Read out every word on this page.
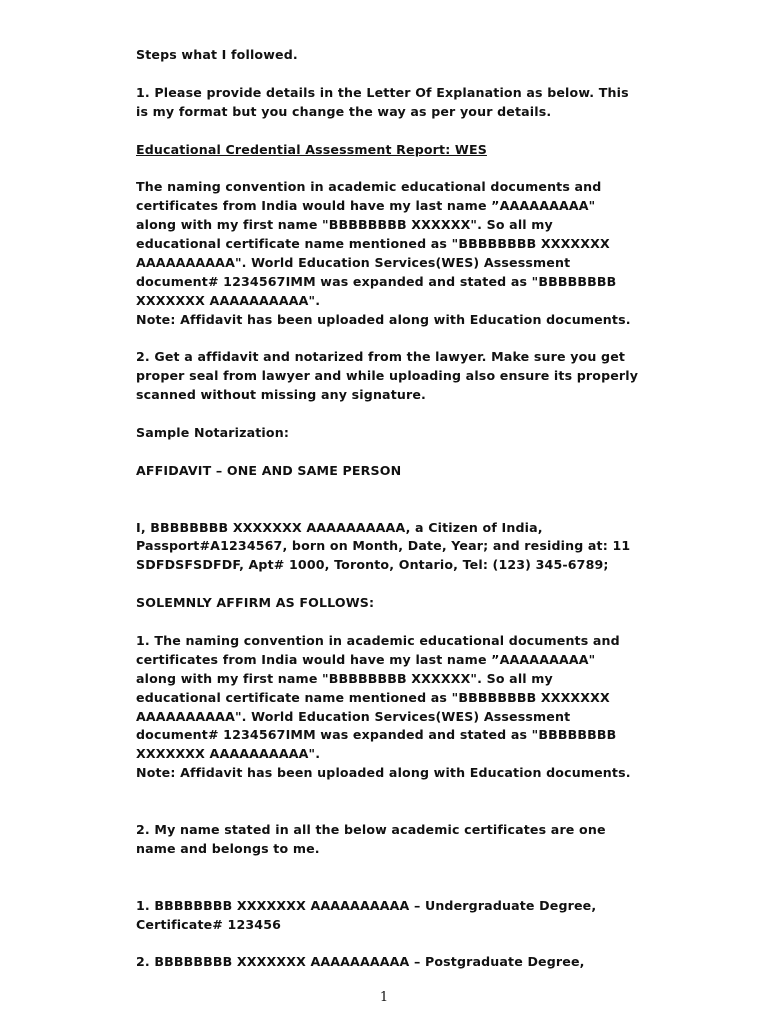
Steps what I followed.

1. Please provide details in the Letter Of Explanation as below. This
is my format but you change the way as per your details.

Educational Credential Assessment Report: WES

The naming convention in academic educational documents and
certificates from India would have my last name ”AAAAAAAAA"
along with my first name "BBBBBBBB XXXXXX". So all my
educational certificate name mentioned as "BBBBBBBB XXXXXXX
AAAAAAAAAA". World Education Services(WES) Assessment
document# 1234567IMM was expanded and stated as "BBBBBBBB
XXXXXXX AAAAAAAAAA".
Note: Affidavit has been uploaded along with Education documents.

2. Get a affidavit and notarized from the lawyer. Make sure you get
proper seal from lawyer and while uploading also ensure its properly
scanned without missing any signature.

Sample Notarization:

AFFIDAVIT – ONE AND SAME PERSON

I, BBBBBBBB XXXXXXX AAAAAAAAAA, a Citizen of India,
Passport#A1234567, born on Month, Date, Year; and residing at: 11
SDFDSFSDFDF, Apt# 1000, Toronto, Ontario, Tel: (123) 345-6789;

SOLEMNLY AFFIRM AS FOLLOWS:

1. The naming convention in academic educational documents and
certificates from India would have my last name ”AAAAAAAAA"
along with my first name "BBBBBBBB XXXXXX". So all my
educational certificate name mentioned as "BBBBBBBB XXXXXXX
AAAAAAAAAA". World Education Services(WES) Assessment
document# 1234567IMM was expanded and stated as "BBBBBBBB
XXXXXXX AAAAAAAAAA".
Note: Affidavit has been uploaded along with Education documents.

2. My name stated in all the below academic certificates are one
name and belongs to me.

1. BBBBBBBB XXXXXXX AAAAAAAAAA – Undergraduate Degree,
Certificate# 123456

2. BBBBBBBB XXXXXXX AAAAAAAAAA – Postgraduate Degree,

1
